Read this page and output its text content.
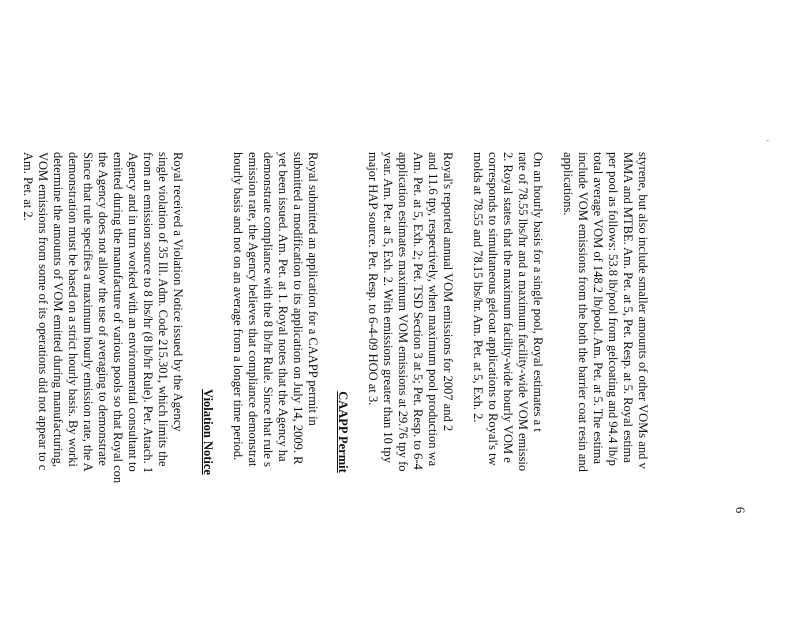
'
6
styrene, but also include smaller amounts of other VOMs and v
MMA and MTBE. Am. Pet. at 5, Pet. Resp. at 5. Royal estima
per pool as follows: 53.8 lb/pool from gelcoating and 94.4 lb/p
total average VOM of 148.2 lb/pool. Am. Pet. at 5. The estima
include VOM emissions from the both the barrier coat resin and
applications.
On an hourly basis for a single pool, Royal estimates a t
rate of 78.55 lbs/hr and a maximum facility-wide VOM emissio
2. Royal states that the maximum facility-wide hourly VOM e
corresponds to simultaneous gelcoat applications to Royal's tw
molds at 78.55 and 78.15 lbs/hr. Am. Pet. at 5, Exh. 2.
Royal's reported annual VOM emissions for 2007 and 2
and 11.6 tpy, respectively, when maximum pool production wa
Am. Pet. at 5, Exh. 2; Pet. TSD Section 3 at 5; Pet. Resp. to 6-4
application estimates maximum VOM emissions at 29.76 tpy fo
year. Am. Pet. at 5, Exh. 2. With emissions greater than 10 tpy
major HAP source. Pet. Resp. to 6-4-09 HOO at 3.
CAAPP Permit
Royal submitted an application for a CAAPP permit in
submitted a modification to its application on July 14, 2009. R
yet been issued. Am. Pet. at 1. Royal notes that the Agency ha
demonstrate compliance with the 8 lb/hr Rule. Since that rule s
emission rate, the Agency believes that compliance demonstrat
hourly basis and not on an average from a longer time period.
Violation Notice
Royal received a Violation Notice issued by the Agency
single violation of 35 Ill. Adm. Code 215.301, which limits the
from an emission source to 8 lbs/hr (8 lb/hr Rule). Pet. Attach. 1
Agency and in turn worked with an environmental consultant to
emitted during the manufacture of various pools so that Royal con
the Agency does not allow the use of averaging to demonstrate
Since that rule specifies a maximum hourly emission rate, the A
demonstration must be based on a strict hourly basis. By worki
determine the amounts of VOM emitted during manufacturing,
VOM emissions from some of its operations did not appear to c
Am. Pet. at 2.
